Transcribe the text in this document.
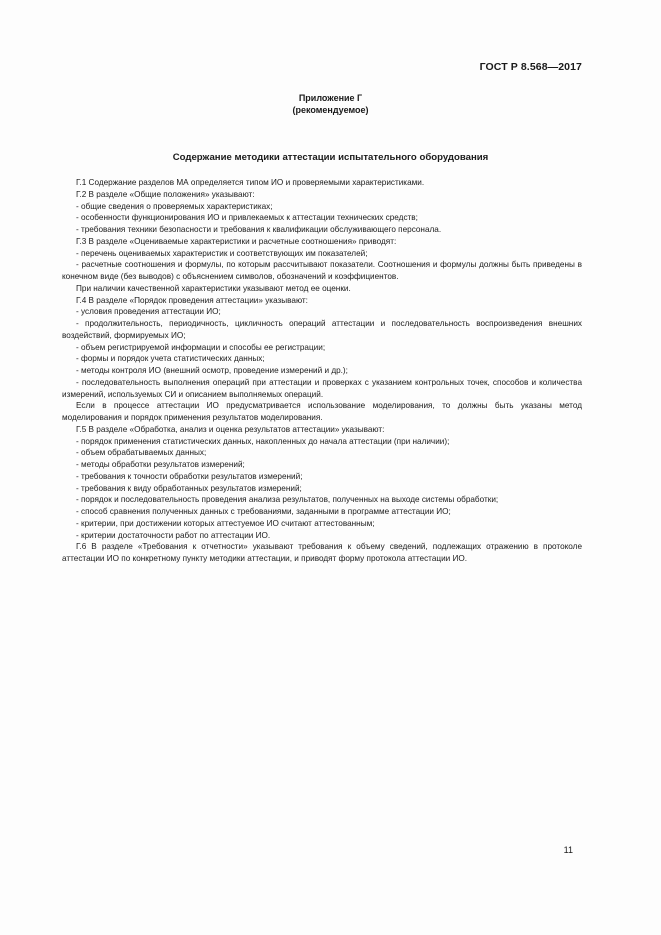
ГОСТ Р 8.568—2017
Приложение Г
(рекомендуемое)
Содержание методики аттестации испытательного оборудования

Г.1 Содержание разделов МА определяется типом ИО и проверяемыми характеристиками.

Г.2 В разделе «Общие положения» указывают:

- общие сведения о проверяемых характеристиках;

- особенности функционирования ИО и привлекаемых к аттестации технических средств;

- требования техники безопасности и требования к квалификации обслуживающего персонала.

Г.3 В разделе «Оцениваемые характеристики и расчетные соотношения» приводят:

- перечень оцениваемых характеристик и соответствующих им показателей;

- расчетные соотношения и формулы, по которым рассчитывают показатели. Соотношения и формулы должны быть приведены в конечном виде (без выводов) с объяснением символов, обозначений и коэффициентов.

При наличии качественной характеристики указывают метод ее оценки.

Г.4 В разделе «Порядок проведения аттестации» указывают:

- условия проведения аттестации ИО;

- продолжительность, периодичность, цикличность операций аттестации и последовательность воспроизведения внешних воздействий, формируемых ИО;

- объем регистрируемой информации и способы ее регистрации;

- формы и порядок учета статистических данных;

- методы контроля ИО (внешний осмотр, проведение измерений и др.);

- последовательность выполнения операций при аттестации и проверках с указанием контрольных точек, способов и количества измерений, используемых СИ и описанием выполняемых операций.

Если в процессе аттестации ИО предусматривается использование моделирования, то должны быть указаны метод моделирования и порядок применения результатов моделирования.

Г.5 В разделе «Обработка, анализ и оценка результатов аттестации» указывают:

- порядок применения статистических данных, накопленных до начала аттестации (при наличии);

- объем обрабатываемых данных;

- методы обработки результатов измерений;

- требования к точности обработки результатов измерений;

- требования к виду обработанных результатов измерений;

- порядок и последовательность проведения анализа результатов, полученных на выходе системы обработки;

- способ сравнения полученных данных с требованиями, заданными в программе аттестации ИО;

- критерии, при достижении которых аттестуемое ИО считают аттестованным;

- критерии достаточности работ по аттестации ИО.

Г.6 В разделе «Требования к отчетности» указывают требования к объему сведений, подлежащих отражению в протоколе аттестации ИО по конкретному пункту методики аттестации, и приводят форму протокола аттестации ИО.

11
